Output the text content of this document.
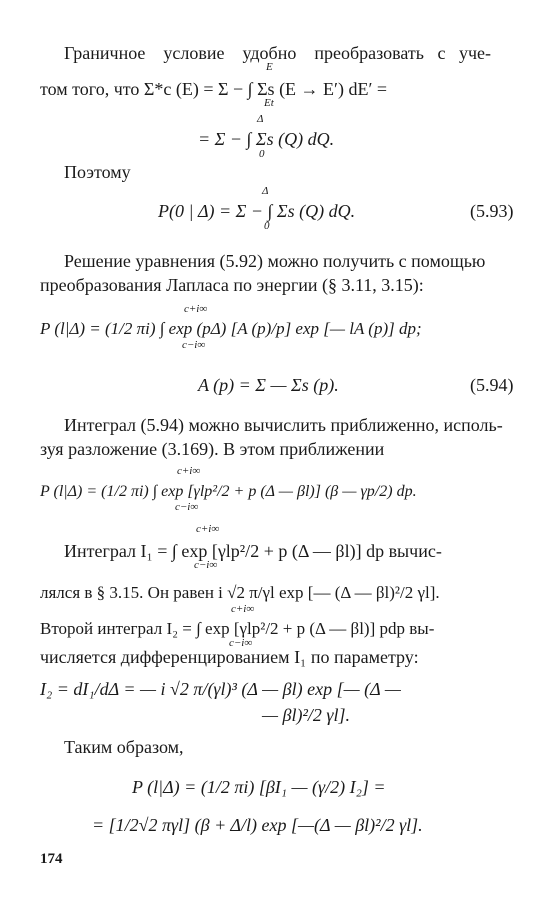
Граничное    условие    удобно    преобразовать   с   уче-
том того, что Σ*c (E) = Σ − ∫ Σs (E → E′) dE′ =
E
Et
= Σ − ∫ Σs (Q) dQ.
Δ
0
Поэтому
P(0 | Δ) = Σ − ∫ Σs (Q) dQ.
Δ
0
(5.93)
Решение уравнения (5.92) можно получить с помощью
преобразования Лапласа по энергии (§ 3.11, 3.15):
P (l|Δ) = (1/2 πi) ∫ exp (pΔ) [A (p)/p] exp [— lA (p)] dp;
c+i∞
c−i∞
A (p) = Σ — Σs (p).	(5.94)
Интеграл (5.94) можно вычислить приближенно, исполь-
зуя разложение (3.169). В этом приближении
P (l|Δ) = (1/2 πi) ∫ exp [γlp²/2 + p (Δ — βl)] (β — γp/2) dp.
c+i∞
c−i∞
Интеграл I₁ = ∫ exp [γlp²/2 + p (Δ — βl)] dp вычис-
c+i∞
c−i∞
лялся в § 3.15. Он равен i √2 π/γl exp [— (Δ — βl)²/2 γl].
Второй интеграл I₂ = ∫ exp [γlp²/2 + p (Δ — βl)] pdp вы-
c+i∞
c−i∞
числяется дифференцированием I₁ по параметру:
I₂ = dI₁/dΔ = — i √2 π/(γl)³ (Δ — βl) exp [— (Δ —
— βl)²/2 γl].
Таким образом,
P (l|Δ) = (1/2 πi) [βI₁ — (γ/2) I₂] =
= [1/2√2 πγl] (β + Δ/l) exp [—(Δ — βl)²/2 γl].
174
